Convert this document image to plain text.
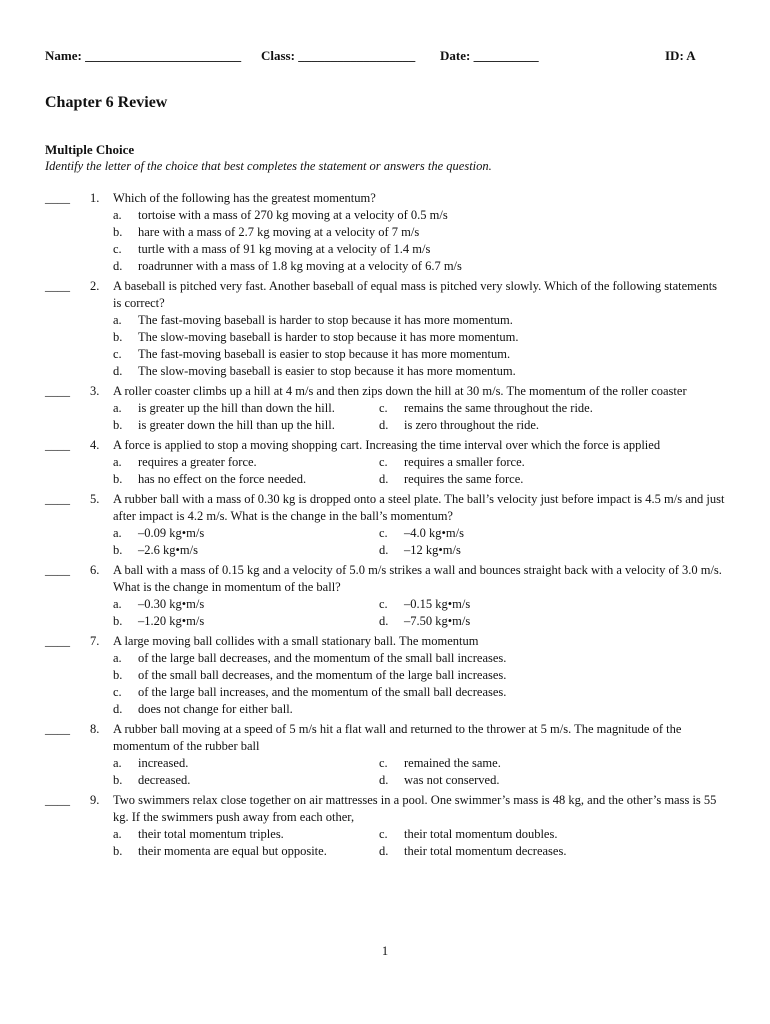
Name: ________________________ Class: __________________ Date: __________	ID: A
Chapter 6 Review
Multiple Choice
Identify the letter of the choice that best completes the statement or answers the question.
____ 1. Which of the following has the greatest momentum?
a. tortoise with a mass of 270 kg moving at a velocity of 0.5 m/s
b. hare with a mass of 2.7 kg moving at a velocity of 7 m/s
c. turtle with a mass of 91 kg moving at a velocity of 1.4 m/s
d. roadrunner with a mass of 1.8 kg moving at a velocity of 6.7 m/s
____ 2. A baseball is pitched very fast. Another baseball of equal mass is pitched very slowly. Which of the following statements is correct?
a. The fast-moving baseball is harder to stop because it has more momentum.
b. The slow-moving baseball is harder to stop because it has more momentum.
c. The fast-moving baseball is easier to stop because it has more momentum.
d. The slow-moving baseball is easier to stop because it has more momentum.
____ 3. A roller coaster climbs up a hill at 4 m/s and then zips down the hill at 30 m/s. The momentum of the roller coaster
a. is greater up the hill than down the hill.	c. remains the same throughout the ride.
b. is greater down the hill than up the hill.	d. is zero throughout the ride.
____ 4. A force is applied to stop a moving shopping cart. Increasing the time interval over which the force is applied
a. requires a greater force.	c. requires a smaller force.
b. has no effect on the force needed.	d. requires the same force.
____ 5. A rubber ball with a mass of 0.30 kg is dropped onto a steel plate. The ball’s velocity just before impact is 4.5 m/s and just after impact is 4.2 m/s. What is the change in the ball’s momentum?
a. –0.09 kg•m/s	c. –4.0 kg•m/s
b. –2.6 kg•m/s	d. –12 kg•m/s
____ 6. A ball with a mass of 0.15 kg and a velocity of 5.0 m/s strikes a wall and bounces straight back with a velocity of 3.0 m/s. What is the change in momentum of the ball?
a. –0.30 kg•m/s	c. –0.15 kg•m/s
b. –1.20 kg•m/s	d. –7.50 kg•m/s
____ 7. A large moving ball collides with a small stationary ball. The momentum
a. of the large ball decreases, and the momentum of the small ball increases.
b. of the small ball decreases, and the momentum of the large ball increases.
c. of the large ball increases, and the momentum of the small ball decreases.
d. does not change for either ball.
____ 8. A rubber ball moving at a speed of 5 m/s hit a flat wall and returned to the thrower at 5 m/s. The magnitude of the momentum of the rubber ball
a. increased.	c. remained the same.
b. decreased.	d. was not conserved.
____ 9. Two swimmers relax close together on air mattresses in a pool. One swimmer’s mass is 48 kg, and the other’s mass is 55 kg. If the swimmers push away from each other,
a. their total momentum triples.	c. their total momentum doubles.
b. their momenta are equal but opposite.	d. their total momentum decreases.
1
